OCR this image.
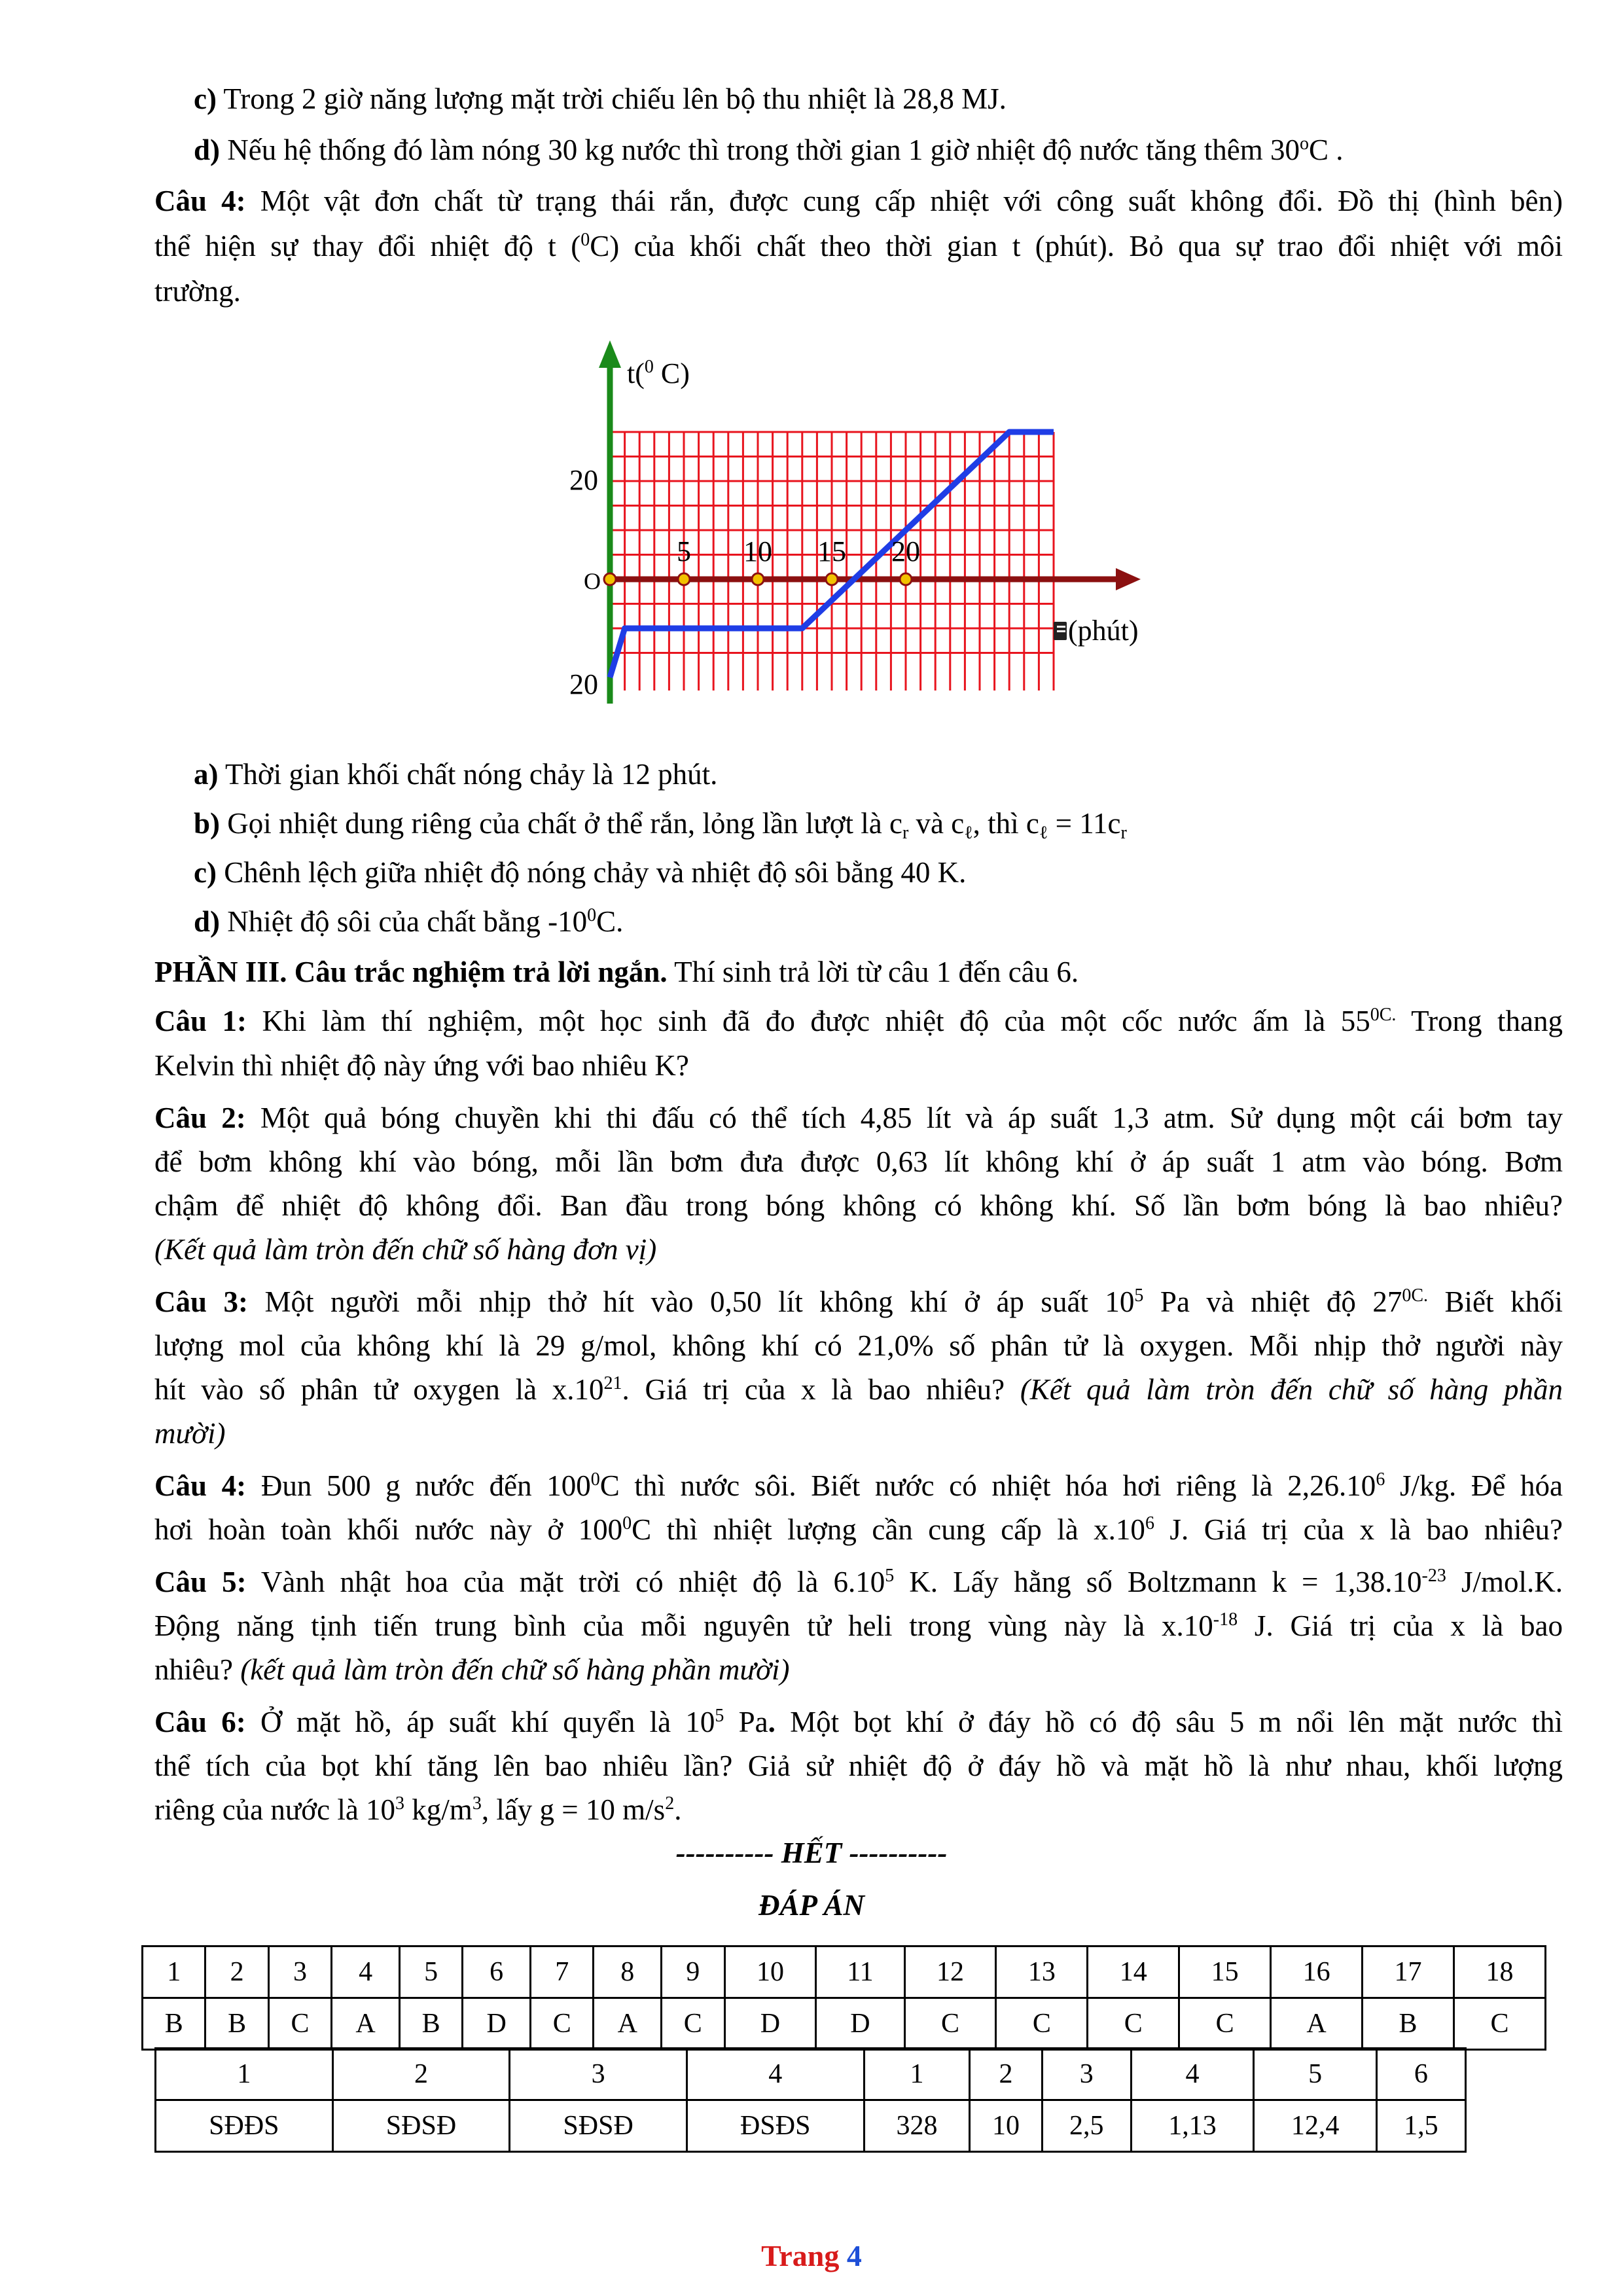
c) Trong 2 giờ năng lượng mặt trời chiếu lên bộ thu nhiệt là 28,8 MJ.
d) Nếu hệ thống đó làm nóng 30 kg nước thì trong thời gian 1 giờ nhiệt độ nước tăng thêm 30$^o$C .
Câu 4: Một vật đơn chất từ trạng thái rắn, được cung cấp nhiệt với công suất không đổi. Đồ thị (hình bên)
thể hiện sự thay đổi nhiệt độ t ($^0$C) của khối chất theo thời gian t (phút). Bỏ qua sự trao đổi nhiệt với môi
trường.
t($^0$ C)
20
20
O
5 10 15 20
(phút)
a) Thời gian khối chất nóng chảy là 12 phút.
b) Gọi nhiệt dung riêng của chất ở thể rắn, lỏng lần lượt là $c_r$ và $c_\ell$, thì $c_\ell = 11c_r$
c) Chênh lệch giữa nhiệt độ nóng chảy và nhiệt độ sôi bằng 40 K.
d) Nhiệt độ sôi của chất bằng $-10^0C$.
PHẦN III. Câu trắc nghiệm trả lời ngắn. Thí sinh trả lời từ câu 1 đến câu 6.
Câu 1: Khi làm thí nghiệm, một học sinh đã đo được nhiệt độ của một cốc nước ấm là $55^{0C.}$ Trong thang
Kelvin thì nhiệt độ này ứng với bao nhiêu K?
Câu 2: Một quả bóng chuyền khi thi đấu có thể tích 4,85 lít và áp suất 1,3 atm. Sử dụng một cái bơm tay
để bơm không khí vào bóng, mỗi lần bơm đưa được 0,63 lít không khí ở áp suất 1 atm vào bóng. Bơm
chậm để nhiệt độ không đổi. Ban đầu trong bóng không có không khí. Số lần bơm bóng là bao nhiêu?
(Kết quả làm tròn đến chữ số hàng đơn vị)
Câu 3: Một người mỗi nhịp thở hít vào 0,50 lít không khí ở áp suất $10^5$ Pa và nhiệt độ $27^{0C.}$ Biết khối
lượng mol của không khí là 29 g/mol, không khí có 21,0% số phân tử là oxygen. Mỗi nhịp thở người này
hít vào số phân tử oxygen là $x.10^{21}$. Giá trị của x là bao nhiêu? (Kết quả làm tròn đến chữ số hàng phần
mười)
Câu 4: Đun 500 g nước đến $100^0C$ thì nước sôi. Biết nước có nhiệt hóa hơi riêng là 2,26.10$^6$ J/kg. Để hóa
hơi hoàn toàn khối nước này ở $100^0C$ thì nhiệt lượng cần cung cấp là $x.10^6$ J. Giá trị của x là bao nhiêu?
Câu 5: Vành nhật hoa của mặt trời có nhiệt độ là 6.10$^5$ K. Lấy hằng số Boltzmann $k = 1,38.10^{-23}$ J/mol.K.
Động năng tịnh tiến trung bình của mỗi nguyên tử heli trong vùng này là $x.10^{-18}$ J. Giá trị của x là bao
nhiêu? (kết quả làm tròn đến chữ số hàng phần mười)
Câu 6: Ở mặt hồ, áp suất khí quyển là $10^5$ Pa. Một bọt khí ở đáy hồ có độ sâu 5 m nổi lên mặt nước thì
thể tích của bọt khí tăng lên bao nhiêu lần? Giả sử nhiệt độ ở đáy hồ và mặt hồ là như nhau, khối lượng
riêng của nước là $10^3$ $kg/m^3$, lấy g = 10 $m/s^2$.
---------- HẾT ----------
ĐÁP ÁN
1	2	3	4	5	6	7	8	9	10	11	12	13	14	15	16	17	18
B	B	C	A	B	D	C	A	C	D	D	C	C	C	C	A	B	C
1	2	3	4	1	2	3	4	5	6
SĐĐS	SĐSĐ	SĐSĐ	ĐSĐS	328	10	2,5	1,13	12,4	1,5
Trang 4
